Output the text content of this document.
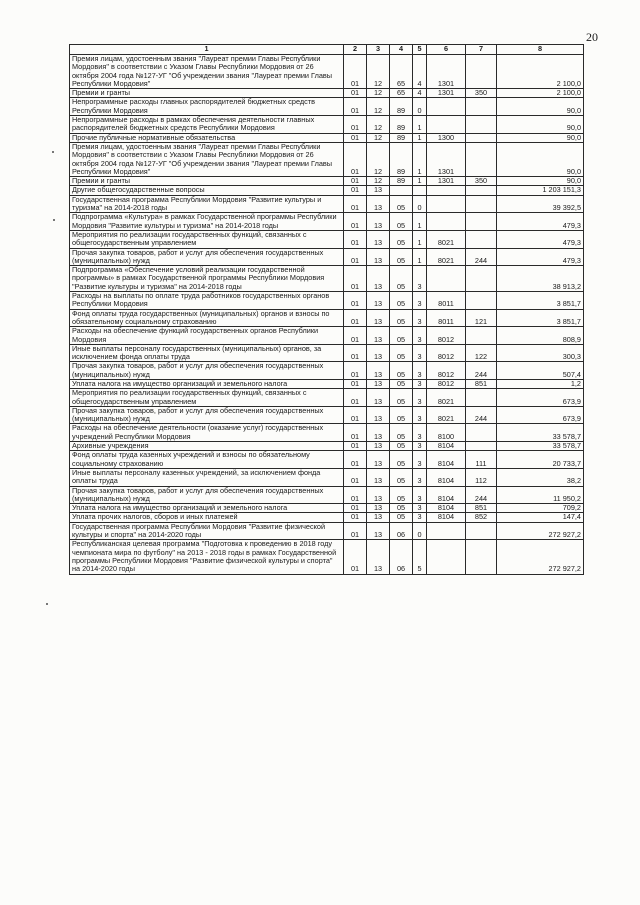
20
1	2	3	4	5	6	7	8
Премия лицам, удостоенным звания "Лауреат премии Главы Республики Мордовия" в соответствии с Указом Главы Республики Мордовия от 26 октября 2004 года №127-УГ "Об учреждении звания "Лауреат премии Главы Республики Мордовия"	01	12	65	4	1301		2 100,0
Премии и гранты	01	12	65	4	1301	350	2 100,0
Непрограммные расходы главных распорядителей бюджетных средств Республики Мордовия	01	12	89	0			90,0
Непрограммные расходы в рамках обеспечения деятельности главных распорядителей бюджетных средств Республики Мордовия	01	12	89	1			90,0
Прочие публичные нормативные обязательства	01	12	89	1	1300		90,0
Премия лицам, удостоенным звания "Лауреат премии Главы Республики Мордовия" в соответствии с Указом Главы Республики Мордовия от 26 октября 2004 года №127-УГ "Об учреждении звания "Лауреат премии Главы Республики Мордовия"	01	12	89	1	1301		90,0
Премии и гранты	01	12	89	1	1301	350	90,0
Другие общегосударственные вопросы	01	13					1 203 151,3
Государственная программа Республики Мордовия "Развитие культуры и туризма" на 2014-2018 годы	01	13	05	0			39 392,5
Подпрограмма «Культура» в рамках Государственной программы Республики Мордовия "Развитие культуры и туризма" на 2014-2018 годы	01	13	05	1			479,3
Мероприятия по реализации государственных функций, связанных с общегосударственным управлением	01	13	05	1	8021		479,3
Прочая закупка товаров, работ и услуг для обеспечения государственных (муниципальных) нужд	01	13	05	1	8021	244	479,3
Подпрограмма «Обеспечение условий реализации государственной программы» в рамках Государственной программы Республики Мордовия "Развитие культуры и туризма" на 2014-2018 годы	01	13	05	3			38 913,2
Расходы на выплаты по оплате труда работников государственных органов Республики Мордовия	01	13	05	3	8011		3 851,7
Фонд оплаты труда государственных (муниципальных) органов и взносы по обязательному социальному страхованию	01	13	05	3	8011	121	3 851,7
Расходы на обеспечение функций государственных органов Республики Мордовия	01	13	05	3	8012		808,9
Иные выплаты персоналу государственных (муниципальных) органов, за исключением фонда оплаты труда	01	13	05	3	8012	122	300,3
Прочая закупка товаров, работ и услуг для обеспечения государственных (муниципальных) нужд	01	13	05	3	8012	244	507,4
Уплата налога на имущество организаций и земельного налога	01	13	05	3	8012	851	1,2
Мероприятия по реализации государственных функций, связанных с общегосударственным управлением	01	13	05	3	8021		673,9
Прочая закупка товаров, работ и услуг для обеспечения государственных (муниципальных) нужд	01	13	05	3	8021	244	673,9
Расходы на обеспечение деятельности (оказание услуг) государственных учреждений Республики Мордовия	01	13	05	3	8100		33 578,7
Архивные учреждения	01	13	05	3	8104		33 578,7
Фонд оплаты труда казенных учреждений и взносы по обязательному социальному страхованию	01	13	05	3	8104	111	20 733,7
Иные выплаты персоналу казенных учреждений, за исключением фонда оплаты труда	01	13	05	3	8104	112	38,2
Прочая закупка товаров, работ и услуг для обеспечения государственных (муниципальных) нужд	01	13	05	3	8104	244	11 950,2
Уплата налога на имущество организаций и земельного налога	01	13	05	3	8104	851	709,2
Уплата прочих налогов, сборов и иных платежей	01	13	05	3	8104	852	147,4
Государственная программа Республики Мордовия "Развитие физической культуры и спорта" на 2014-2020 годы	01	13	06	0			272 927,2
Республиканская целевая программа "Подготовка к проведению в 2018 году чемпионата мира по футболу" на 2013 - 2018 годы в рамках Государственной программы Республики Мордовия "Развитие физической культуры и спорта" на 2014-2020 годы	01	13	06	5			272 927,2
